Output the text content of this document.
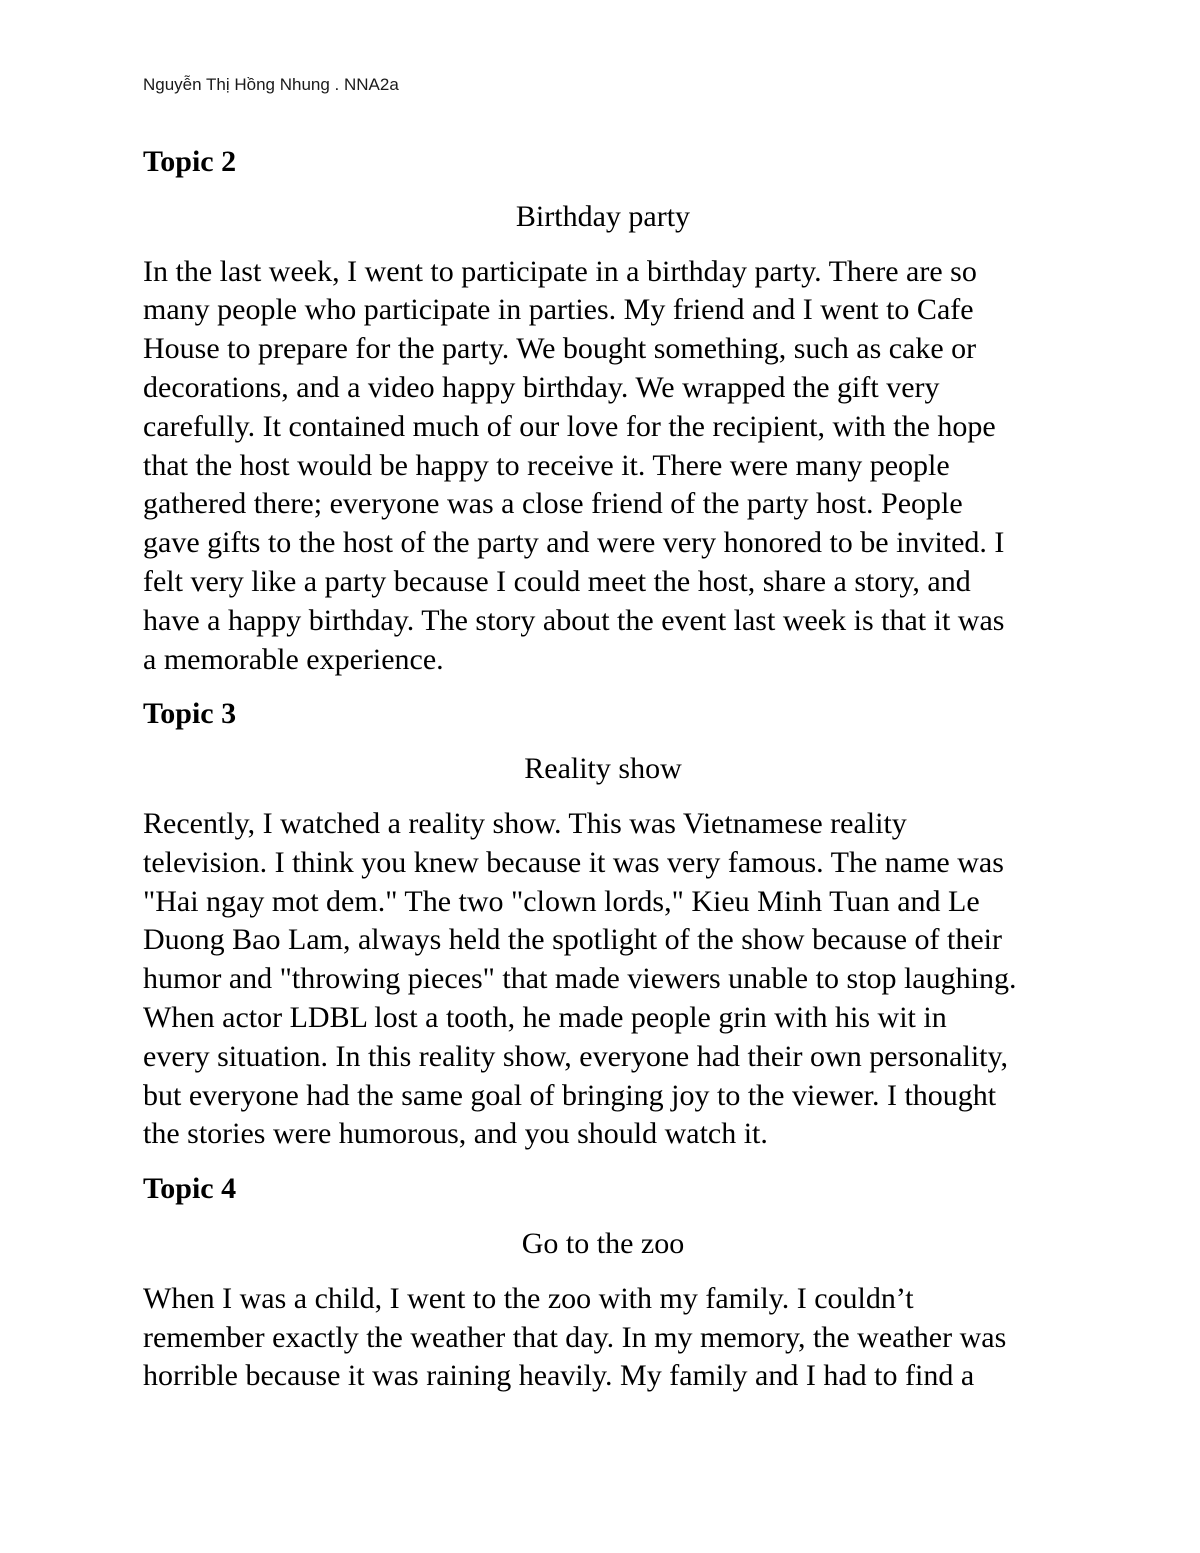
Nguyễn Thị Hồng Nhung . NNA2a
Topic 2
Birthday party
In the last week, I went to participate in a birthday party. There are so
many people who participate in parties. My friend and I went to Cafe
House to prepare for the party. We bought something, such as cake or
decorations, and a video happy birthday. We wrapped the gift very
carefully. It contained much of our love for the recipient, with the hope
that the host would be happy to receive it. There were many people
gathered there; everyone was a close friend of the party host. People
gave gifts to the host of the party and were very honored to be invited. I
felt very like a party because I could meet the host, share a story, and
have a happy birthday. The story about the event last week is that it was
a memorable experience.
Topic 3
Reality show
Recently, I watched a reality show. This was Vietnamese reality
television. I think you knew because it was very famous. The name was
"Hai ngay mot dem." The two "clown lords," Kieu Minh Tuan and Le
Duong Bao Lam, always held the spotlight of the show because of their
humor and "throwing pieces" that made viewers unable to stop laughing.
When actor LDBL lost a tooth, he made people grin with his wit in
every situation. In this reality show, everyone had their own personality,
but everyone had the same goal of bringing joy to the viewer. I thought
the stories were humorous, and you should watch it.
Topic 4
Go to the zoo
When I was a child, I went to the zoo with my family. I couldn’t
remember exactly the weather that day. In my memory, the weather was
horrible because it was raining heavily. My family and I had to find a
